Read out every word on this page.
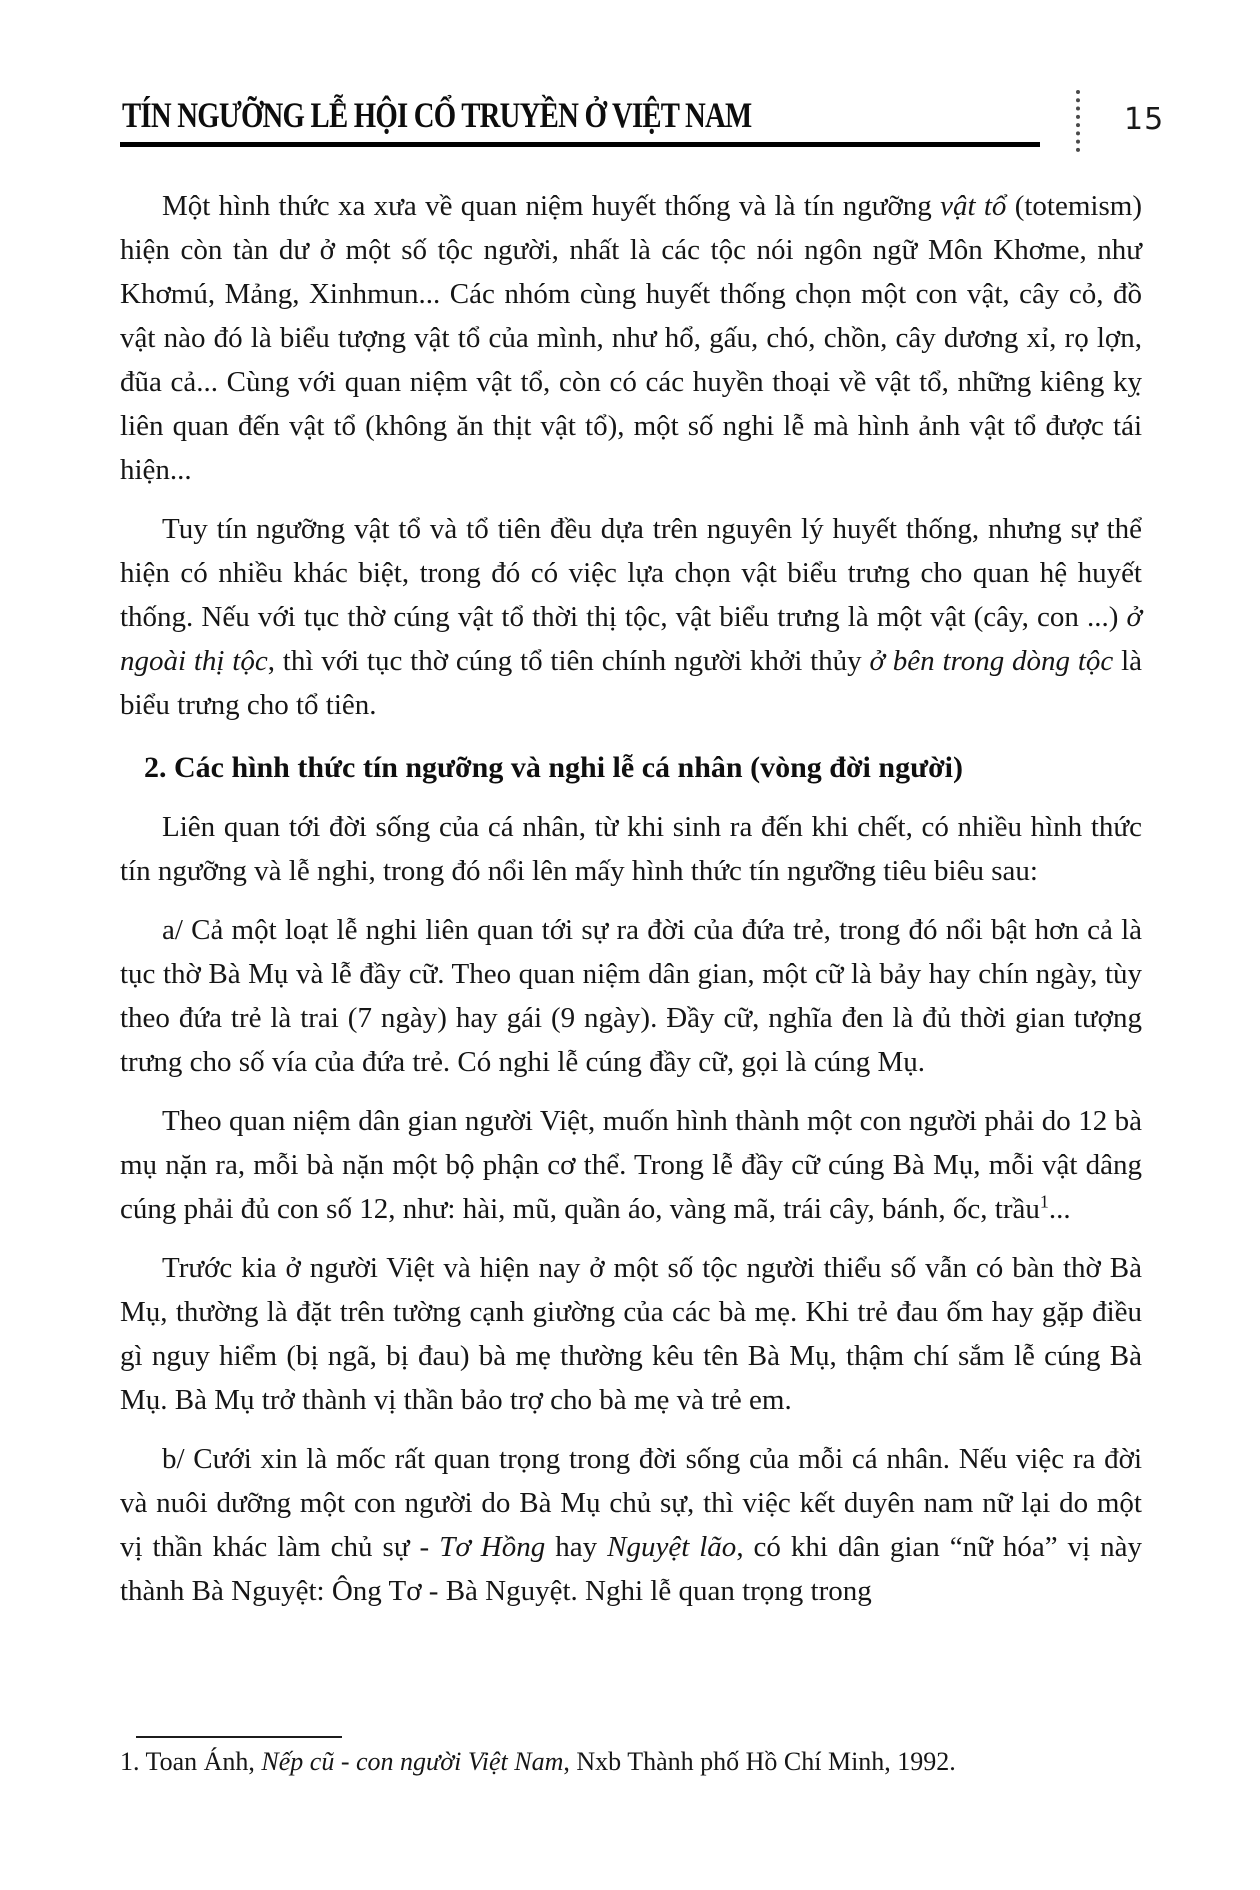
TÍN NGƯỠNG LỄ HỘI CỔ TRUYỀN Ở VIỆT NAM	15

Một hình thức xa xưa về quan niệm huyết thống và là tín ngưỡng vật tổ (totemism) hiện còn tàn dư ở một số tộc người, nhất là các tộc nói ngôn ngữ Môn Khơme, như Khơmú, Mảng, Xinhmun... Các nhóm cùng huyết thống chọn một con vật, cây cỏ, đồ vật nào đó là biểu tượng vật tổ của mình, như hổ, gấu, chó, chồn, cây dương xỉ, rọ lợn, đũa cả... Cùng với quan niệm vật tổ, còn có các huyền thoại về vật tổ, những kiêng kỵ liên quan đến vật tổ (không ăn thịt vật tổ), một số nghi lễ mà hình ảnh vật tổ được tái hiện...

Tuy tín ngưỡng vật tổ và tổ tiên đều dựa trên nguyên lý huyết thống, nhưng sự thể hiện có nhiều khác biệt, trong đó có việc lựa chọn vật biểu trưng cho quan hệ huyết thống. Nếu với tục thờ cúng vật tổ thời thị tộc, vật biểu trưng là một vật (cây, con ...) ở ngoài thị tộc, thì với tục thờ cúng tổ tiên chính người khởi thủy ở bên trong dòng tộc là biểu trưng cho tổ tiên.

2. Các hình thức tín ngưỡng và nghi lễ cá nhân (vòng đời người)

Liên quan tới đời sống của cá nhân, từ khi sinh ra đến khi chết, có nhiều hình thức tín ngưỡng và lễ nghi, trong đó nổi lên mấy hình thức tín ngưỡng tiêu biêu sau:

a/ Cả một loạt lễ nghi liên quan tới sự ra đời của đứa trẻ, trong đó nổi bật hơn cả là tục thờ Bà Mụ và lễ đầy cữ. Theo quan niệm dân gian, một cữ là bảy hay chín ngày, tùy theo đứa trẻ là trai (7 ngày) hay gái (9 ngày). Đầy cữ, nghĩa đen là đủ thời gian tượng trưng cho số vía của đứa trẻ. Có nghi lễ cúng đầy cữ, gọi là cúng Mụ.

Theo quan niệm dân gian người Việt, muốn hình thành một con người phải do 12 bà mụ nặn ra, mỗi bà nặn một bộ phận cơ thể. Trong lễ đầy cữ cúng Bà Mụ, mỗi vật dâng cúng phải đủ con số 12, như: hài, mũ, quần áo, vàng mã, trái cây, bánh, ốc, trầu$^1$...

Trước kia ở người Việt và hiện nay ở một số tộc người thiểu số vẫn có bàn thờ Bà Mụ, thường là đặt trên tường cạnh giường của các bà mẹ. Khi trẻ đau ốm hay gặp điều gì nguy hiểm (bị ngã, bị đau) bà mẹ thường kêu tên Bà Mụ, thậm chí sắm lễ cúng Bà Mụ. Bà Mụ trở thành vị thần bảo trợ cho bà mẹ và trẻ em.

b/ Cưới xin là mốc rất quan trọng trong đời sống của mỗi cá nhân. Nếu việc ra đời và nuôi dưỡng một con người do Bà Mụ chủ sự, thì việc kết duyên nam nữ lại do một vị thần khác làm chủ sự - Tơ Hồng hay Nguyệt lão, có khi dân gian “nữ hóa” vị này thành Bà Nguyệt: Ông Tơ - Bà Nguyệt. Nghi lễ quan trọng trong

1. Toan Ánh, Nếp cũ - con người Việt Nam, Nxb Thành phố Hồ Chí Minh, 1992.
